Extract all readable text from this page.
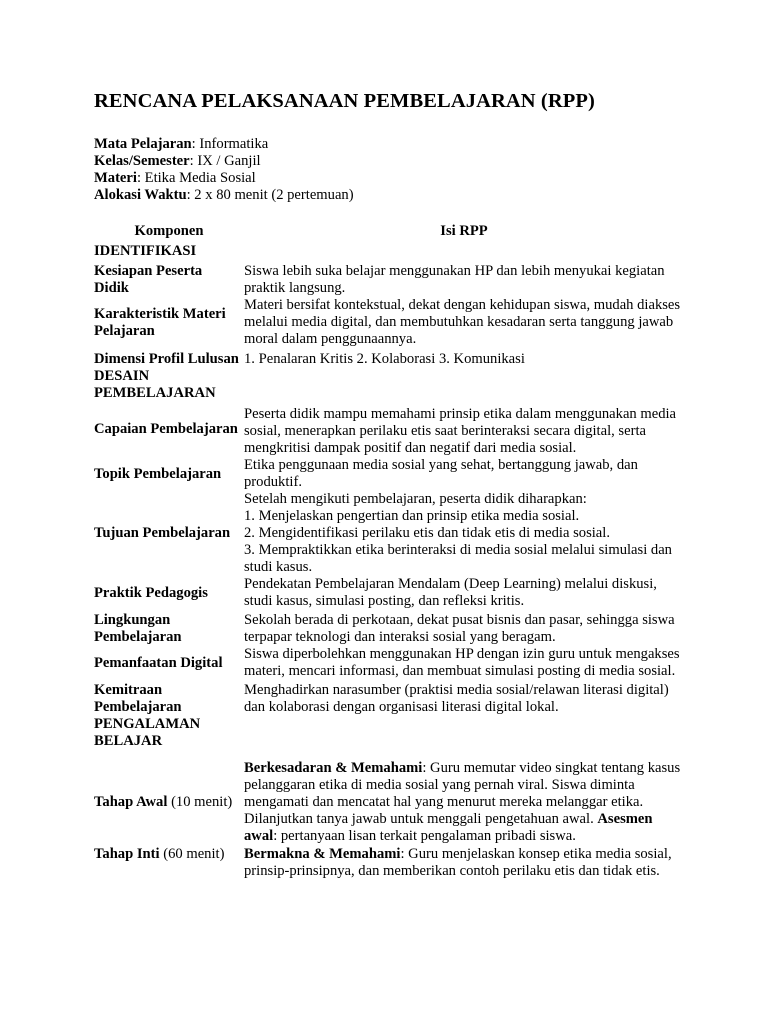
RENCANA PELAKSANAAN PEMBELAJARAN (RPP)
Mata Pelajaran: Informatika
Kelas/Semester: IX / Ganjil
Materi: Etika Media Sosial
Alokasi Waktu: 2 x 80 menit (2 pertemuan)
Komponen	Isi RPP
IDENTIFIKASI	
Kesiapan Peserta Didik	Siswa lebih suka belajar menggunakan HP dan lebih menyukai kegiatan praktik langsung.
Karakteristik Materi Pelajaran	Materi bersifat kontekstual, dekat dengan kehidupan siswa, mudah diakses melalui media digital, dan membutuhkan kesadaran serta tanggung jawab moral dalam penggunaannya.
Dimensi Profil Lulusan	1. Penalaran Kritis 2. Kolaborasi 3. Komunikasi
DESAIN PEMBELAJARAN	
Capaian Pembelajaran	Peserta didik mampu memahami prinsip etika dalam menggunakan media sosial, menerapkan perilaku etis saat berinteraksi secara digital, serta mengkritisi dampak positif dan negatif dari media sosial.
Topik Pembelajaran	Etika penggunaan media sosial yang sehat, bertanggung jawab, dan produktif.
Tujuan Pembelajaran	Setelah mengikuti pembelajaran, peserta didik diharapkan:
1. Menjelaskan pengertian dan prinsip etika media sosial.
2. Mengidentifikasi perilaku etis dan tidak etis di media sosial.
3. Mempraktikkan etika berinteraksi di media sosial melalui simulasi dan studi kasus.

Praktik Pedagogis	Pendekatan Pembelajaran Mendalam (Deep Learning) melalui diskusi, studi kasus, simulasi posting, dan refleksi kritis.
Lingkungan Pembelajaran	Sekolah berada di perkotaan, dekat pusat bisnis dan pasar, sehingga siswa terpapar teknologi dan interaksi sosial yang beragam.
Pemanfaatan Digital	Siswa diperbolehkan menggunakan HP dengan izin guru untuk mengakses materi, mencari informasi, dan membuat simulasi posting di media sosial.
Kemitraan Pembelajaran	Menghadirkan narasumber (praktisi media sosial/relawan literasi digital) dan kolaborasi dengan organisasi literasi digital lokal.
PENGALAMAN BELAJAR	
Tahap Awal (10 menit)	Berkesadaran & Memahami: Guru memutar video singkat tentang kasus pelanggaran etika di media sosial yang pernah viral. Siswa diminta mengamati dan mencatat hal yang menurut mereka melanggar etika. Dilanjutkan tanya jawab untuk menggali pengetahuan awal. Asesmen awal: pertanyaan lisan terkait pengalaman pribadi siswa.
Tahap Inti (60 menit)	Bermakna & Memahami: Guru menjelaskan konsep etika media sosial, prinsip-prinsipnya, dan memberikan contoh perilaku etis dan tidak etis.
